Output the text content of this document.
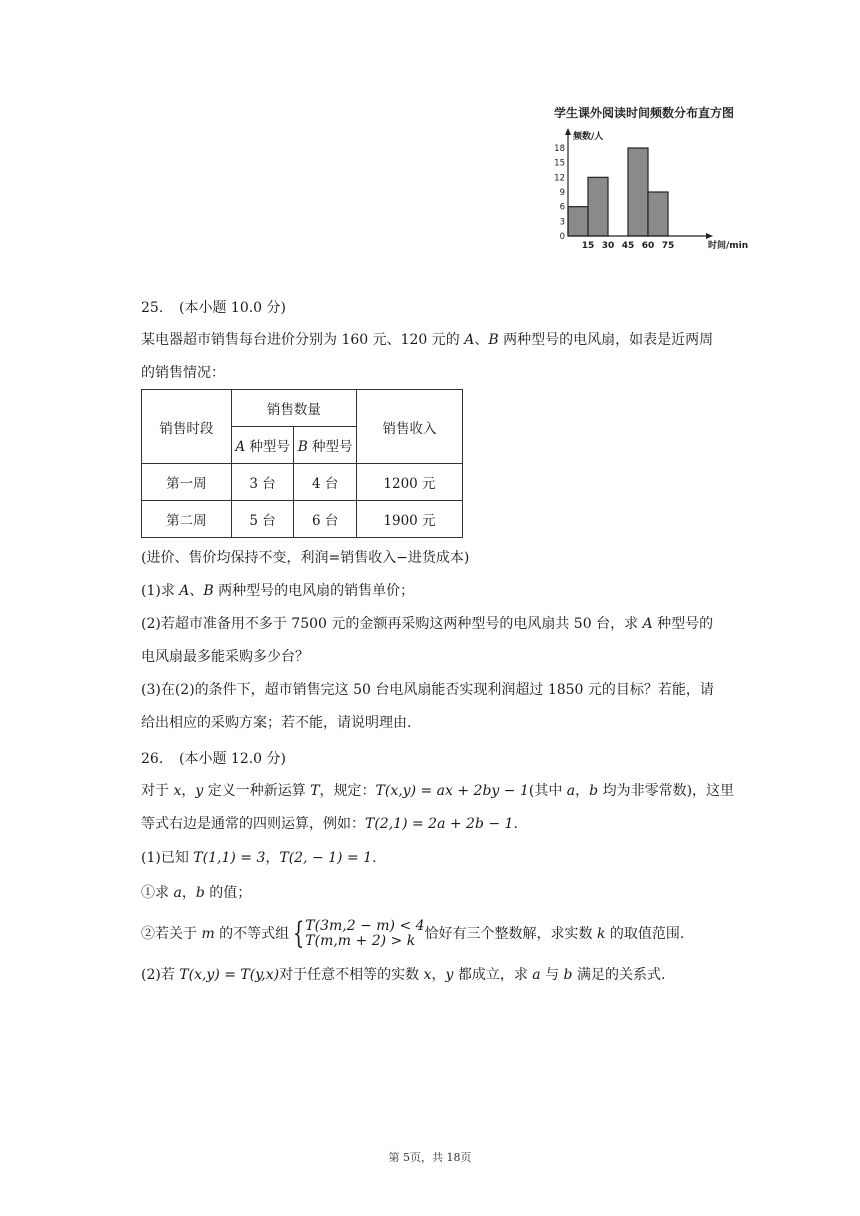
学生课外阅读时间频数分布直方图
频数/人
0
3
6
9
12
15
18
15 30 45 60 75	时间/min
25. (本小题 10.0 分)
某电器超市销售每台进价分别为 160 元、120 元的 A、B 两种型号的电风扇，如表是近两周
的销售情况：
销售时段	销售数量		销售收入
	A 种型号	B 种型号	
第一周	3 台	4 台	1200 元
第二周	5 台	6 台	1900 元
(进价、售价均保持不变，利润=销售收入−进货成本)
(1)求 A、B 两种型号的电风扇的销售单价；
(2)若超市准备用不多于 7500 元的金额再采购这两种型号的电风扇共 50 台，求 A 种型号的
电风扇最多能采购多少台？
(3)在(2)的条件下，超市销售完这 50 台电风扇能否实现利润超过 1850 元的目标？若能，请
给出相应的采购方案；若不能，请说明理由.
26. (本小题 12.0 分)
对于 x，y 定义一种新运算 T，规定：T(x,y) = ax + 2by − 1(其中 a，b 均为非零常数)，这里
等式右边是通常的四则运算，例如：T(2,1) = 2a + 2b − 1.
(1)已知 T(1,1) = 3，T(2, − 1) = 1.
①求 a，b 的值；
②若关于 m 的不等式组 {T(3m,2 − m) < 4
T(m,m + 2) > k 恰好有三个整数解，求实数 k 的取值范围.
(2)若 T(x,y) = T(y,x)对于任意不相等的实数 x，y 都成立，求 a 与 b 满足的关系式.
第 5页，共 18页
